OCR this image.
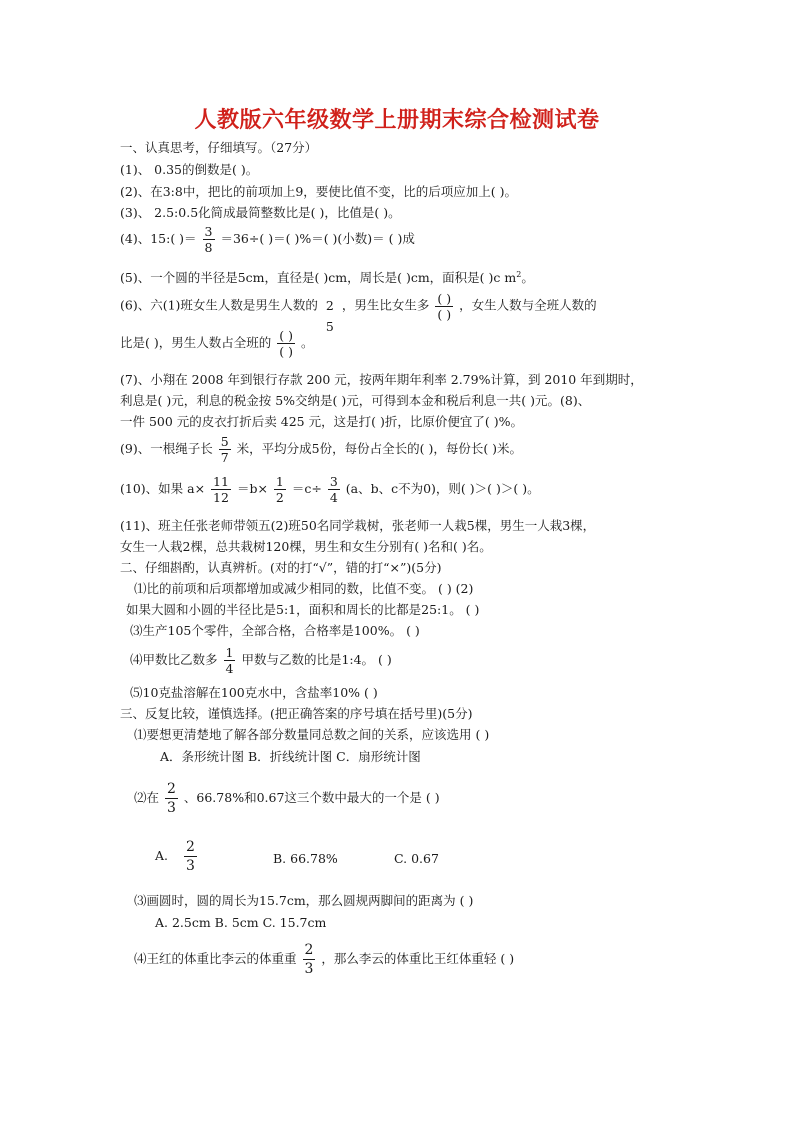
人教版六年级数学上册期末综合检测试卷
一、认真思考，仔细填写。（27分）
(1)、 0.35的倒数是( )。
(2)、在3:8中，把比的前项加上9，要使比值不变，比的后项应加上( )。
(3)、 2.5:0.5化简成最简整数比是( )，比值是( )。
(4)、15:( )＝ $\frac{3}{8} =36\div$( )＝( )%＝( )(小数)＝ ( )成
(5)、一个圆的半径是5cm，直径是( )cm，周长是( )cm，面积是( )c $m^2$。
(6)、六(1)班女生人数是男生人数的 2
5
，男生比女生多 $\frac{( )}{( )}$ ，女生人数与全班人数的
比是( )，男生人数占全班的 $\frac{( )}{( )}$ 。
(7)、小翔在 2008 年到银行存款 200 元，按两年期年利率 2.79%计算，到 2010 年到期时，
利息是( )元，利息的税金按 5%交纳是( )元，可得到本金和税后利息一共( )元。(8)、
一件 500 元的皮衣打折后卖 425 元，这是打( )折，比原价便宜了( )%。
(9)、一根绳子长 $\frac{5}{7}$ 米，平均分成5份，每份占全长的( )，每份长( )米。
(10)、如果 $a\times \frac{11}{12} =b\times \frac{1}{2} =c\div \frac{3}{4} (a$、b、c不为0)，则( )＞( )＞( )。
(11)、班主任张老师带领五(2)班50名同学栽树，张老师一人栽5棵，男生一人栽3棵，
女生一人栽2棵，总共栽树120棵，男生和女生分别有( )名和( )名。
二、仔细斟酌，认真辨析。(对的打“√”，错的打“×”)(5分)
⑴比的前项和后项都增加或减少相同的数，比值不变。 ( ) (2)
如果大圆和小圆的半径比是5:1，面积和周长的比都是25:1。 ( )
⑶生产105个零件，全部合格，合格率是100%。 ( )
⑷甲数比乙数多 $\frac{1}{4}$ 甲数与乙数的比是1:4。 ( )
⑸10克盐溶解在100克水中，含盐率10% ( )
三、反复比较，谨慎选择。(把正确答案的序号填在括号里)(5分)
⑴要想更清楚地了解各部分数量同总数之间的关系，应该选用 ( )
A．条形统计图 B．折线统计图 C．扇形统计图
⑵在 $\frac{2}{3}$ 、66.78%和0.67这三个数中最大的一个是 ( )
A. $\frac{2}{3}$	B. 66.78%	C. 0.67
⑶画圆时，圆的周长为15.7cm，那么圆规两脚间的距离为 ( )
A. 2.5cm B. 5cm C. 15.7cm
⑷王红的体重比李云的体重重 $\frac{2}{3}$ ，那么李云的体重比王红体重轻 ( )
